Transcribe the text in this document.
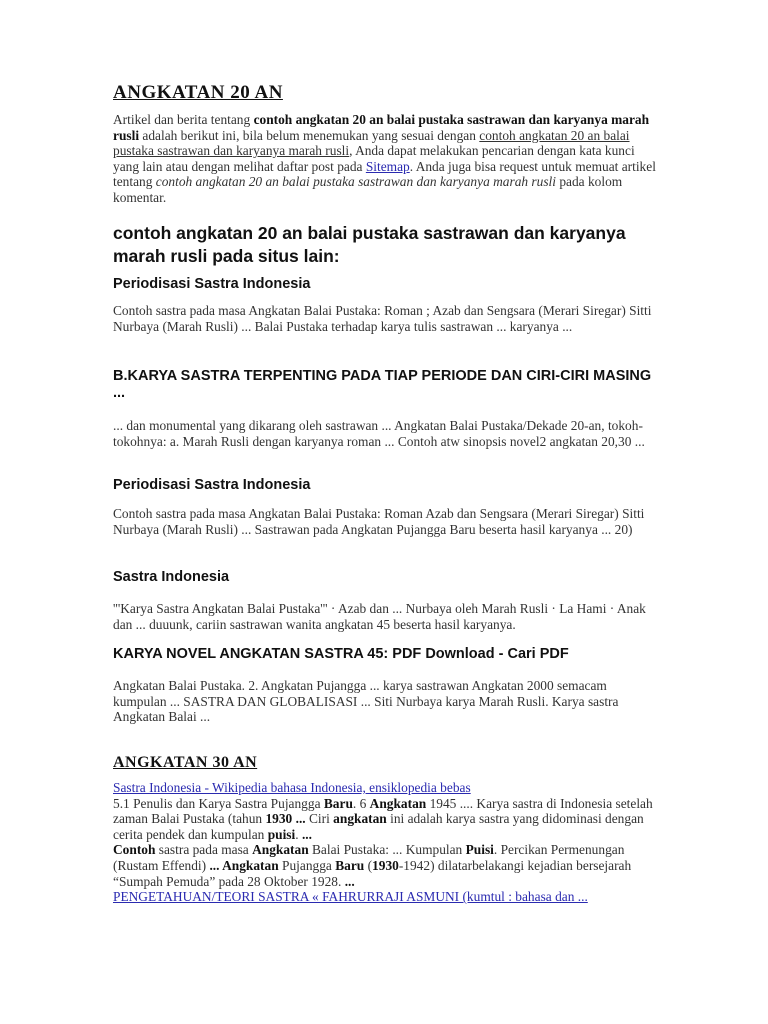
ANGKATAN 20 AN
Artikel dan berita tentang contoh angkatan 20 an balai pustaka sastrawan dan karyanya marah rusli adalah berikut ini, bila belum menemukan yang sesuai dengan contoh angkatan 20 an balai pustaka sastrawan dan karyanya marah rusli, Anda dapat melakukan pencarian dengan kata kunci yang lain atau dengan melihat daftar post pada Sitemap. Anda juga bisa request untuk memuat artikel tentang contoh angkatan 20 an balai pustaka sastrawan dan karyanya marah rusli pada kolom komentar.
contoh angkatan 20 an balai pustaka sastrawan dan karyanya marah rusli pada situs lain:
Periodisasi Sastra Indonesia
Contoh sastra pada masa Angkatan Balai Pustaka: Roman ; Azab dan Sengsara (Merari Siregar) Sitti Nurbaya (Marah Rusli) ... Balai Pustaka terhadap karya tulis sastrawan ... karyanya ...
B.KARYA SASTRA TERPENTING PADA TIAP PERIODE DAN CIRI-CIRI MASING ...
... dan monumental yang dikarang oleh sastrawan ... Angkatan Balai Pustaka/Dekade 20-an, tokoh-tokohnya: a. Marah Rusli dengan karyanya roman ... Contoh atw sinopsis novel2 angkatan 20,30 ...
Periodisasi Sastra Indonesia
Contoh sastra pada masa Angkatan Balai Pustaka: Roman Azab dan Sengsara (Merari Siregar) Sitti Nurbaya (Marah Rusli) ... Sastrawan pada Angkatan Pujangga Baru beserta hasil karyanya ... 20)
Sastra Indonesia
'''Karya Sastra Angkatan Balai Pustaka''' · Azab dan ... Nurbaya oleh Marah Rusli · La Hami · Anak dan ... duuunk, cariin sastrawan wanita angkatan 45 beserta hasil karyanya.
KARYA NOVEL ANGKATAN SASTRA 45: PDF Download - Cari PDF
Angkatan Balai Pustaka. 2. Angkatan Pujangga ... karya sastrawan Angkatan 2000 semacam kumpulan ... SASTRA DAN GLOBALISASI ... Siti Nurbaya karya Marah Rusli. Karya sastra Angkatan Balai ...
ANGKATAN 30 AN
Sastra Indonesia - Wikipedia bahasa Indonesia, ensiklopedia bebas
5.1 Penulis dan Karya Sastra Pujangga Baru. 6 Angkatan 1945 .... Karya sastra di Indonesia setelah zaman Balai Pustaka (tahun 1930 ... Ciri angkatan ini adalah karya sastra yang didominasi dengan cerita pendek dan kumpulan puisi. ...
Contoh sastra pada masa Angkatan Balai Pustaka: ... Kumpulan Puisi. Percikan Permenungan (Rustam Effendi) ... Angkatan Pujangga Baru (1930-1942) dilatarbelakangi kejadian bersejarah “Sumpah Pemuda” pada 28 Oktober 1928. ...
PENGETAHUAN/TEORI SASTRA « FAHRURRAJI ASMUNI (kumtul : bahasa dan ...
